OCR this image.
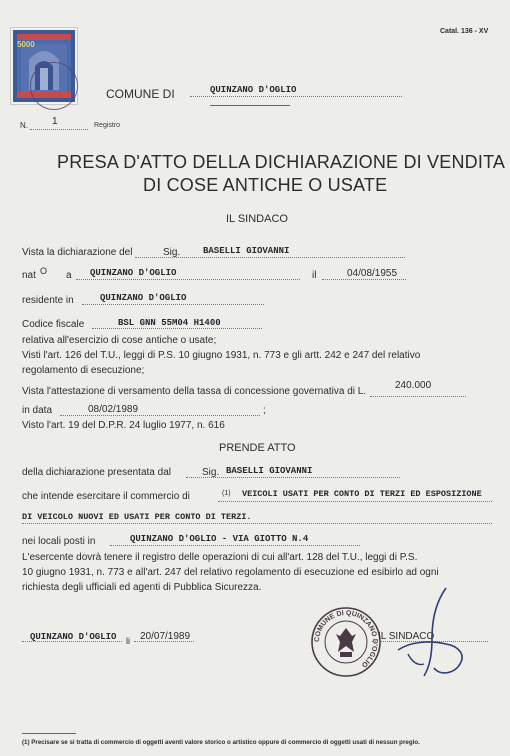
5000
Catal. 136 - XV
COMUNE DI	QUINZANO D'OGLIO
N. 1	Registro
PRESA D'ATTO DELLA DICHIARAZIONE DI VENDITA
DI COSE ANTICHE O USATE
IL SINDACO
Vista la dichiarazione del	Sig.	BASELLI GIOVANNI
nat O a QUINZANO D'OGLIO	il	04/08/1955
residente in	QUINZANO D'OGLIO
Codice fiscale	BSL GNN 55M04 H1400
relativa all'esercizio di cose antiche o usate;
Visti l'art. 126 del T.U., leggi di P.S. 10 giugno 1931, n. 773 e gli artt. 242 e 247 del relativo
regolamento di esecuzione;
Vista l'attestazione di versamento della tassa di concessione governativa di L.
240.000
in data	08/02/1989	;
Visto l'art. 19 del D.P.R. 24 luglio 1977, n. 616
PRENDE ATTO
della dichiarazione presentata dal	Sig. BASELLI GIOVANNI
che intende esercitare il commercio di	(1) VEICOLI USATI PER CONTO DI TERZI ED ESPOSIZIONE
DI VEICOLO NUOVI ED USATI PER CONTO DI TERZI.
nei locali posti in	QUINZANO D'OGLIO - VIA GIOTTO N.4
L'esercente dovrà tenere il registro delle operazioni di cui all'art. 128 del T.U., leggi di P.S.
10 giugno 1931, n. 773 e all'art. 247 del relativo regolamento di esecuzione ed esibirlo ad ogni
richiesta degli ufficiali ed agenti di Pubblica Sicurezza.
QUINZANO D'OGLIO li 20/07/1989	COMUNE DI QUINZANO D'OGLIO
IL SINDACO
(1) Precisare se si tratta di commercio di oggetti aventi valore storico o artistico oppure di commercio di oggetti usati di nessun pregio.
